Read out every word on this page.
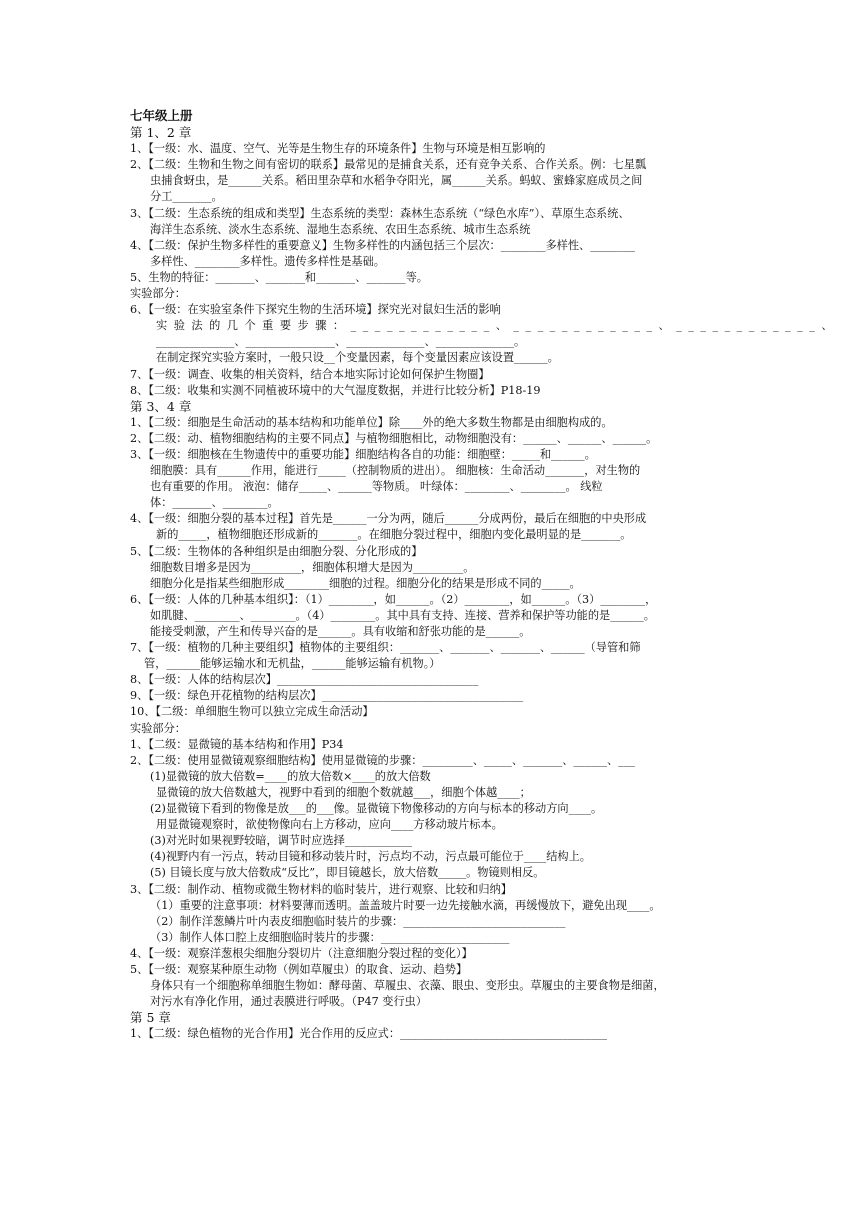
七年级上册
第 1、2 章
1、【一级：水、温度、空气、光等是生物生存的环境条件】生物与环境是相互影响的
2、【二级：生物和生物之间有密切的联系】最常见的是捕食关系，还有竞争关系、合作关系。例：七星瓢
虫捕食蚜虫，是______关系。稻田里杂草和水稻争夺阳光，属______关系。蚂蚁、蜜蜂家庭成员之间
分工_______。
3、【二级：生态系统的组成和类型】生态系统的类型：森林生态系统（“绿色水库”）、草原生态系统、
海洋生态系统、淡水生态系统、湿地生态系统、农田生态系统、城市生态系统
4、【二级：保护生物多样性的重要意义】生物多样性的内涵包括三个层次：________多样性、________
多样性、________多样性。遗传多样性是基础。
5、生物的特征：_______、_______和_______、_______等。
实验部分：
6、【一级：在实验室条件下探究生物的生活环境】探究光对鼠妇生活的影响
实验法的几个重要步骤：____________、____________、____________、
______________、________________、______________、______________。
在制定探究实验方案时，一般只设__个变量因素，每个变量因素应该设置______。
7、【一级：调查、收集的相关资料，结合本地实际讨论如何保护生物圈】
8、【二级：收集和实测不同植被环境中的大气湿度数据，并进行比较分析】P18-19
第 3、4 章
1、【二级：细胞是生命活动的基本结构和功能单位】除____外的绝大多数生物都是由细胞构成的。
2、【二级：动、植物细胞结构的主要不同点】与植物细胞相比，动物细胞没有：______、______、______。
3、【一级：细胞核在生物遗传中的重要功能】细胞结构各自的功能：细胞壁：_____和______。
细胞膜：具有______作用，能进行_____（控制物质的进出）。 细胞核：生命活动_______，对生物的
也有重要的作用。 液泡：储存_____、______等物质。 叶绿体：________、________。 线粒
体：_______、________。
4、【一级：细胞分裂的基本过程】首先是______一分为两，随后______分成两份，最后在细胞的中央形成
新的_____，植物细胞还形成新的_______。在细胞分裂过程中，细胞内变化最明显的是_______。
5、【二级：生物体的各种组织是由细胞分裂、分化形成的】
细胞数目增多是因为_________，细胞体积增大是因为_________。
细胞分化是指某些细胞形成________细胞的过程。细胞分化的结果是形成不同的_____。
6、【一级：人体的几种基本组织】：（1）________，如______。（2）________，如______。（3）________，
如肌腱、________、________。（4）________。其中具有支持、连接、营养和保护等功能的是______。
能接受刺激，产生和传导兴奋的是______。具有收缩和舒张功能的是______。
7、【一级：植物的几种主要组织】植物体的主要组织：_______、_______、_______、______（导管和筛
管，______能够运输水和无机盐，______能够运输有机物。）
8、【一级：人体的结构层次】____________________________________
9、【一级：绿色开花植物的结构层次】____________________________________
10、【二级：单细胞生物可以独立完成生命活动】
实验部分：
1、【二级：显微镜的基本结构和作用】P34
2、【二级：使用显微镜观察细胞结构】使用显微镜的步骤：_________、_____、_______、______、___
(1)显微镜的放大倍数=____的放大倍数×____的放大倍数
显微镜的放大倍数越大，视野中看到的细胞个数就越___，细胞个体越____；
(2)显微镜下看到的物像是放___的___像。显微镜下物像移动的方向与标本的移动方向____。
用显微镜观察时，欲使物像向右上方移动，应向____方移动玻片标本。
(3)对光时如果视野较暗，调节时应选择____________
(4)视野内有一污点，转动目镜和移动装片时，污点均不动，污点最可能位于____结构上。
(5) 目镜长度与放大倍数成“反比”，即目镜越长，放大倍数_____。物镜则相反。
3、【二级：制作动、植物或微生物材料的临时装片，进行观察、比较和归纳】
（1）重要的注意事项：材料要薄而透明。盖盖玻片时要一边先接触水滴，再缓慢放下，避免出现____。
（2）制作洋葱鳞片叶内表皮细胞临时装片的步骤：_____________________________
（3）制作人体口腔上皮细胞临时装片的步骤：_______________________
4、【一级：观察洋葱根尖细胞分裂切片（注意细胞分裂过程的变化）】
5、【一级：观察某种原生动物（例如草履虫）的取食、运动、趋势】
身体只有一个细胞称单细胞生物如：酵母菌、草履虫、衣藻、眼虫、变形虫。草履虫的主要食物是细菌，
对污水有净化作用，通过表膜进行呼吸。（P47 变行虫）
第 5 章
1、【二级：绿色植物的光合作用】光合作用的反应式：_____________________________________
